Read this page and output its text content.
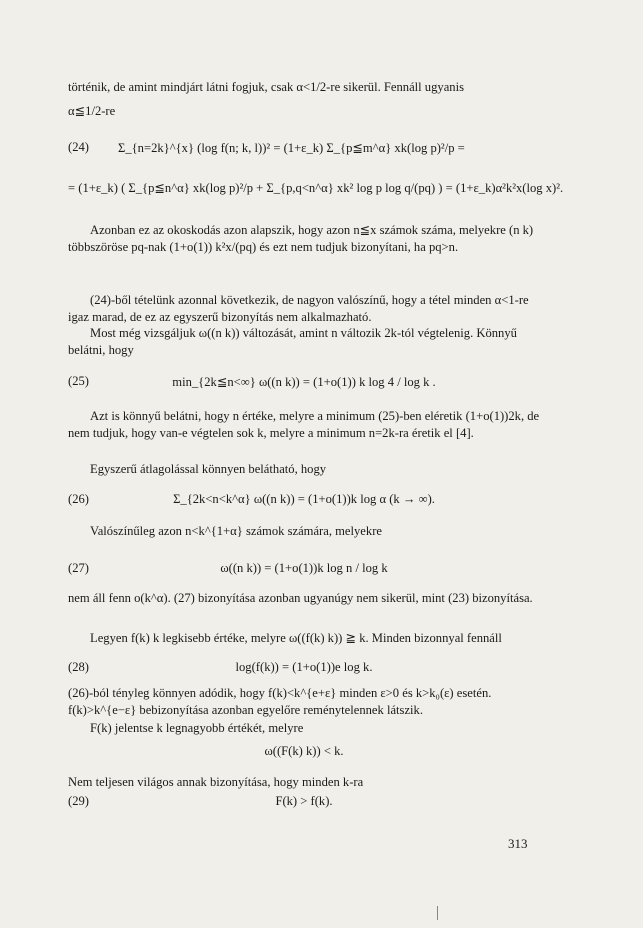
történik, de amint mindjárt látni fogjuk, csak α<1/2-re sikerül. Fennáll ugyanis
α≦1/2-re
(24) Σ_{n=2k}^{x} (log f(n; k, l))² = (1+ε_k) Σ_{p≦m^α} xk(log p)²/p =
= (1+ε_k) ( Σ_{p≦n^α} xk(log p)²/p + Σ_{p,q<n^α} xk² log p log q/(pq) ) = (1+ε_k)α²k²x(log x)².
Azonban ez az okoskodás azon alapszik, hogy azon n≦x számok száma, melyekre (n k) többszöröse pq-nak (1+o(1)) k²x/(pq) és ezt nem tudjuk bizonyítani, ha pq>n.
(24)-ből tételünk azonnal következik, de nagyon valószínű, hogy a tétel minden α<1-re igaz marad, de ez az egyszerű bizonyítás nem alkalmazható.
Most még vizsgáljuk ω((n k)) változását, amint n változik 2k-tól végtelenig. Könnyű belátni, hogy
(25)	min_{2k≦n<∞} ω((n k)) = (1+o(1)) k log 4 / log k .
Azt is könnyű belátni, hogy n értéke, melyre a minimum (25)-ben eléretik (1+o(1))2k, de nem tudjuk, hogy van-e végtelen sok k, melyre a minimum n=2k-ra éretik el [4].
Egyszerű átlagolással könnyen belátható, hogy
(26)	Σ_{2k<n<k^α} ω((n k)) = (1+o(1))k log α (k → ∞).
Valószínűleg azon n<k^{1+α} számok számára, melyekre
(27)	ω((n k)) = (1+o(1))k log n / log k
nem áll fenn o(k^α). (27) bizonyítása azonban ugyanúgy nem sikerül, mint (23) bizonyítása.
Legyen f(k) k legkisebb értéke, melyre ω((f(k) k)) ≧ k. Minden bizonnyal fennáll
(28)	log(f(k)) = (1+o(1))e log k.
(26)-ból tényleg könnyen adódik, hogy f(k)<k^{e+ε} minden ε>0 és k>k₀(ε) esetén. f(k)>k^{e−ε} bebizonyítása azonban egyelőre reménytelennek látszik.
F(k) jelentse k legnagyobb értékét, melyre
ω((F(k) k)) < k.
Nem teljesen világos annak bizonyítása, hogy minden k-ra
(29)	F(k) > f(k).
313
